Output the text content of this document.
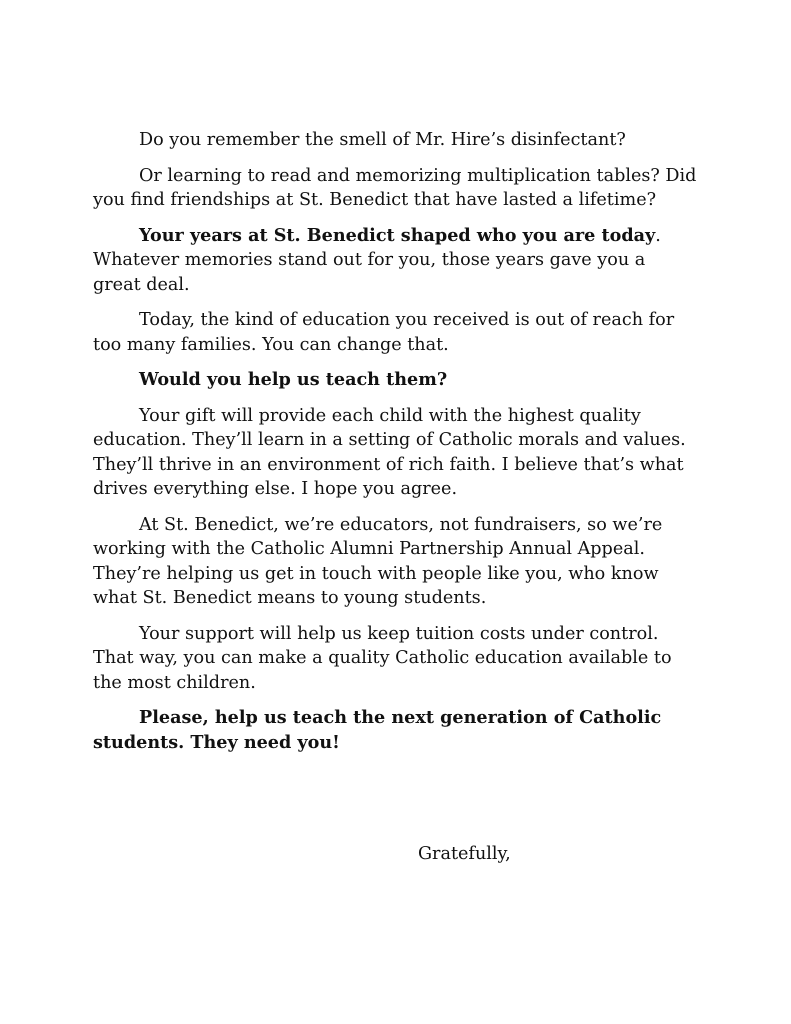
Do you remember the smell of Mr. Hire’s disinfectant?

Or learning to read and memorizing multiplication tables? Did you find friendships at St. Benedict that have lasted a lifetime?

Your years at St. Benedict shaped who you are today. Whatever memories stand out for you, those years gave you a great deal.

Today, the kind of education you received is out of reach for too many families. You can change that.

Would you help us teach them?

Your gift will provide each child with the highest quality education. They’ll learn in a setting of Catholic morals and values. They’ll thrive in an environment of rich faith. I believe that’s what drives everything else. I hope you agree.

At St. Benedict, we’re educators, not fundraisers, so we’re working with the Catholic Alumni Partnership Annual Appeal. They’re helping us get in touch with people like you, who know what St. Benedict means to young students.

Your support will help us keep tuition costs under control. That way, you can make a quality Catholic education available to the most children.

Please, help us teach the next generation of Catholic students. They need you!

Gratefully,
